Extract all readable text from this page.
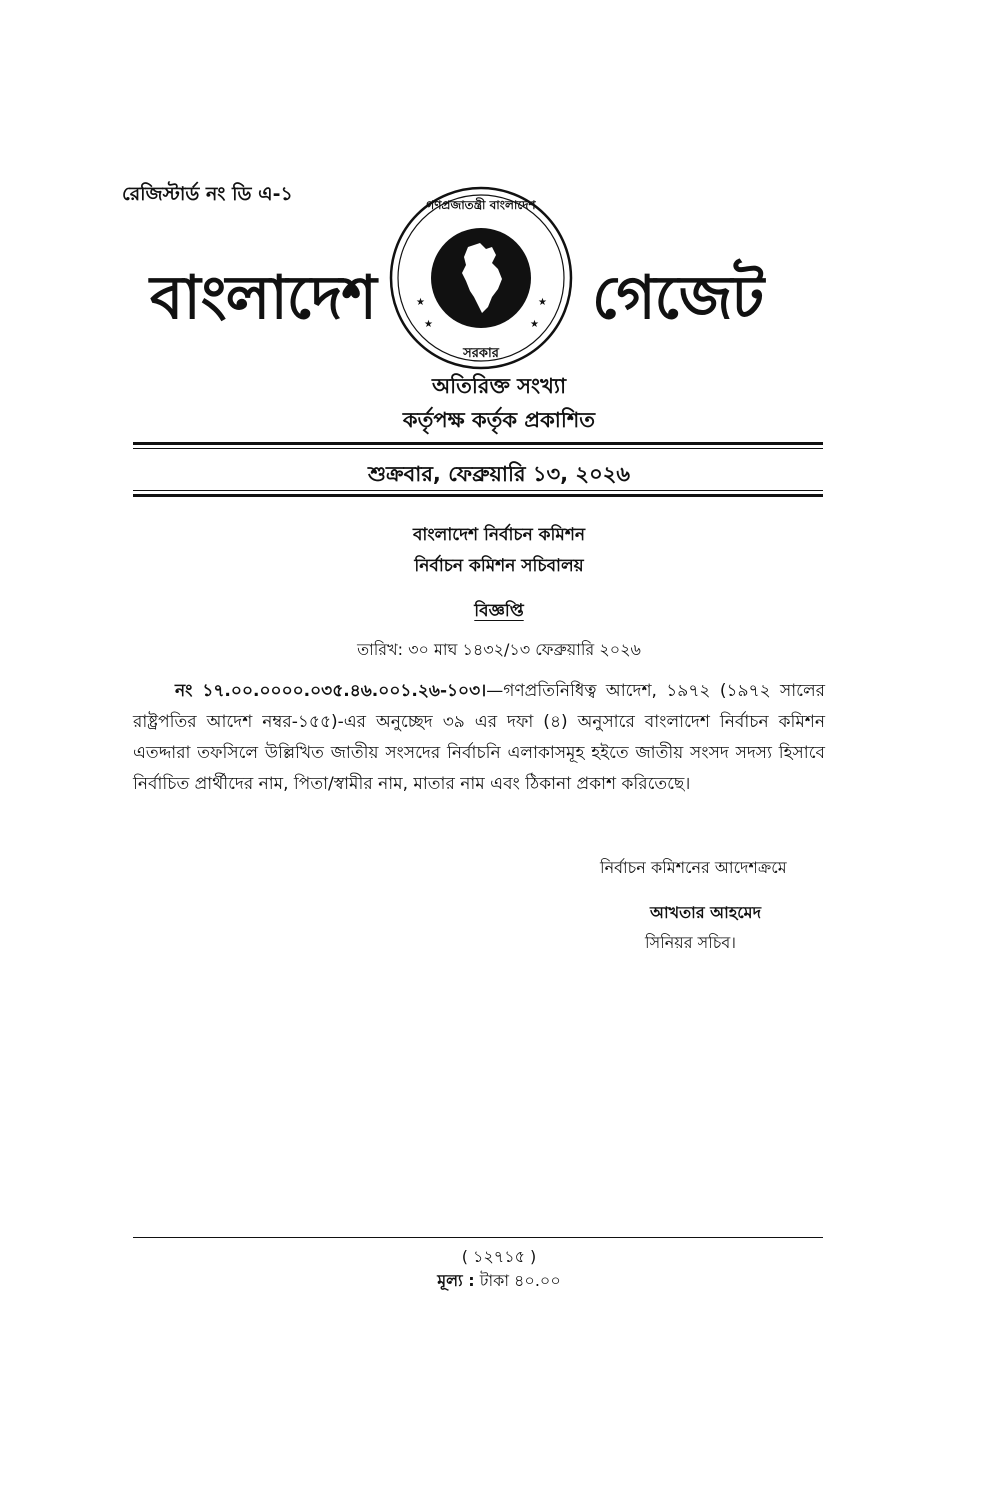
রেজিস্টার্ড নং ডি এ-১
বাংলাদেশ	★	★
★	★
গণপ্রজাতন্ত্রী বাংলাদেশ
সরকার
গেজেট
অতিরিক্ত সংখ্যা
কর্তৃপক্ষ কর্তৃক প্রকাশিত
শুক্রবার, ফেব্রুয়ারি ১৩, ২০২৬
বাংলাদেশ নির্বাচন কমিশন
নির্বাচন কমিশন সচিবালয়
বিজ্ঞপ্তি
তারিখ: ৩০ মাঘ ১৪৩২/১৩ ফেব্রুয়ারি ২০২৬
নং ১৭.০০.০০০০.০৩৫.৪৬.০০১.২৬-১০৩।—গণপ্রতিনিধিত্ব আদেশ, ১৯৭২ (১৯৭২ সালের রাষ্ট্রপতির আদেশ নম্বর-১৫৫)-এর অনুচ্ছেদ ৩৯ এর দফা (৪) অনুসারে বাংলাদেশ নির্বাচন কমিশন এতদ্দারা তফসিলে উল্লিখিত জাতীয় সংসদের নির্বাচনি এলাকাসমূহ হইতে জাতীয় সংসদ সদস্য হিসাবে নির্বাচিত প্রার্থীদের নাম, পিতা/স্বামীর নাম, মাতার নাম এবং ঠিকানা প্রকাশ করিতেছে।
নির্বাচন কমিশনের আদেশক্রমে
আখতার আহমেদ
সিনিয়র সচিব।
( ১২৭১৫ )
মূল্য : টাকা ৪০.০০
